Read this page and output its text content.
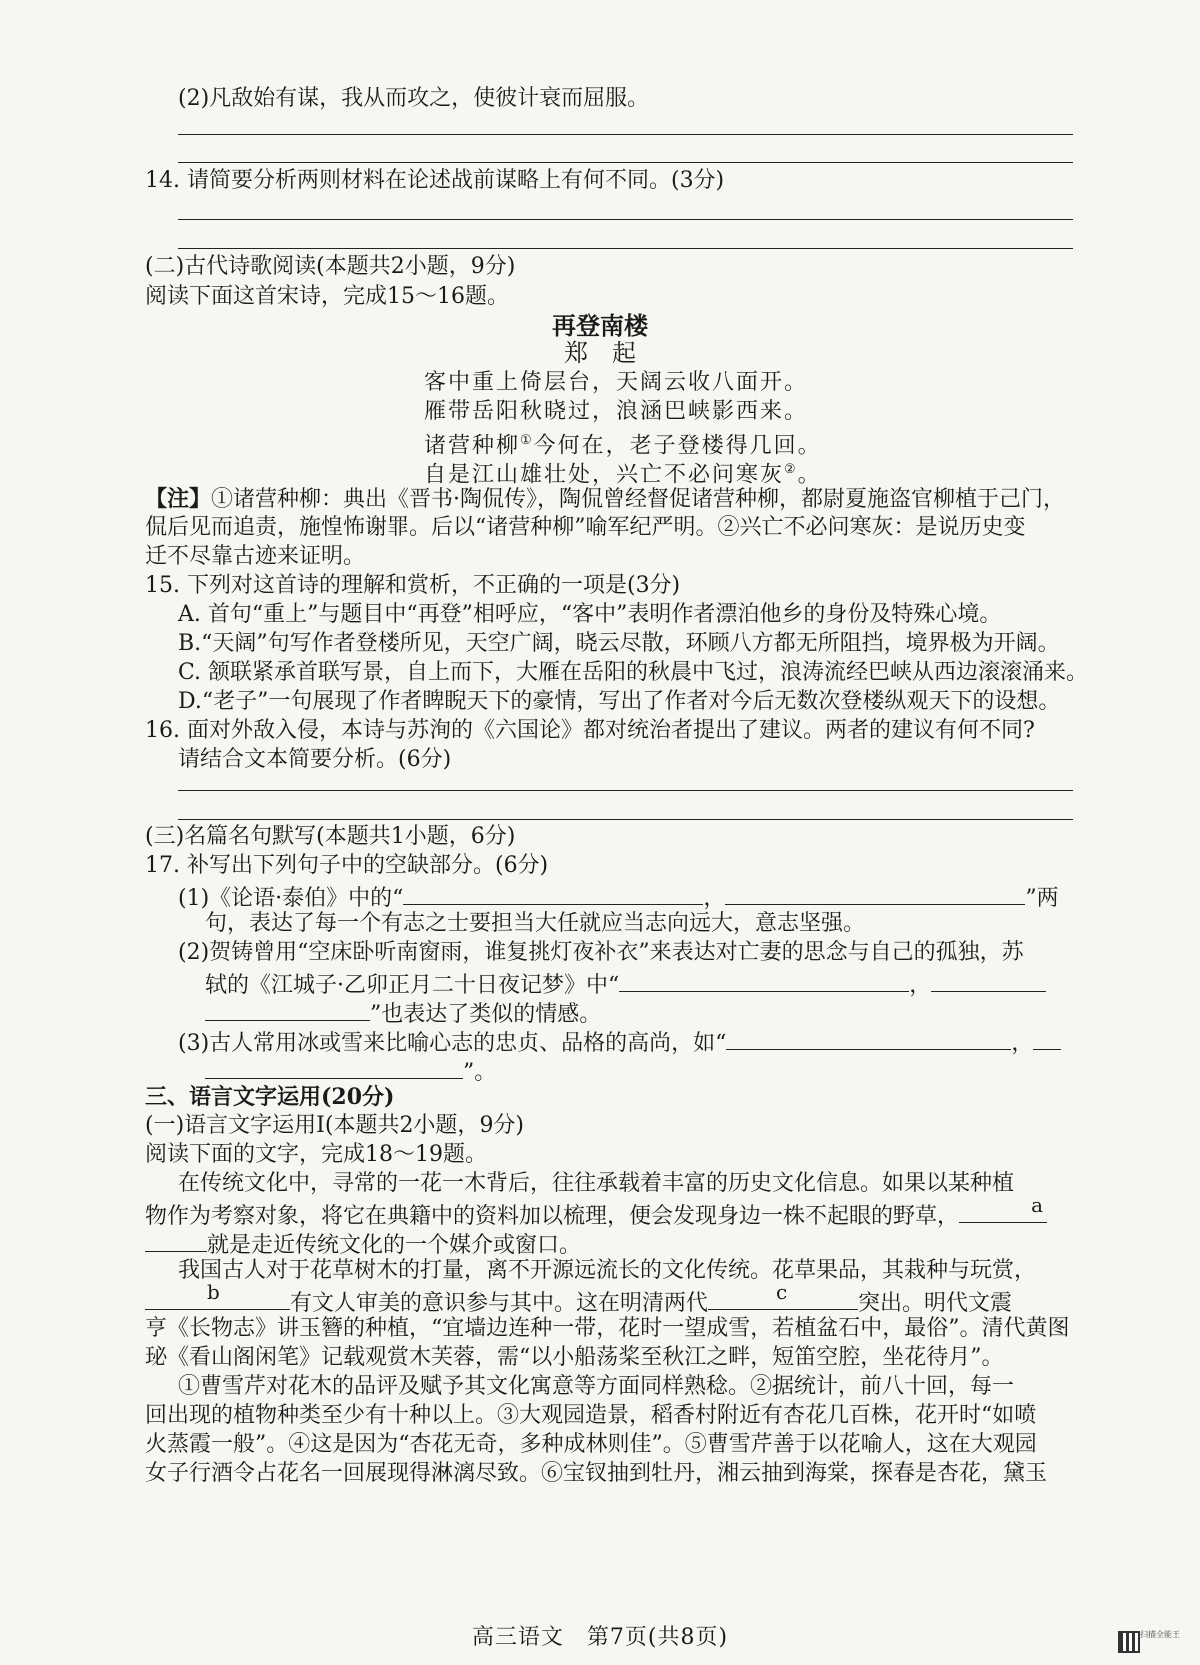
(2)凡敌始有谋，我从而攻之，使彼计衰而屈服。
14. 请简要分析两则材料在论述战前谋略上有何不同。(3分)
(二)古代诗歌阅读(本题共2小题，9分)
阅读下面这首宋诗，完成15～16题。
再登南楼
郑起
客中重上倚层台，天阔云收八面开。
雁带岳阳秋晓过，浪涵巴峡影西来。
诸营种柳①今何在，老子登楼得几回。
自是江山雄壮处，兴亡不必问寒灰②。
【注】①诸营种柳：典出《晋书·陶侃传》，陶侃曾经督促诸营种柳，都尉夏施盗官柳植于己门，
侃后见而追责，施惶怖谢罪。后以“诸营种柳”喻军纪严明。②兴亡不必问寒灰：是说历史变
迁不尽靠古迹来证明。
15. 下列对这首诗的理解和赏析，不正确的一项是(3分)
A. 首句“重上”与题目中“再登”相呼应，“客中”表明作者漂泊他乡的身份及特殊心境。
B.“天阔”句写作者登楼所见，天空广阔，晓云尽散，环顾八方都无所阻挡，境界极为开阔。
C. 颔联紧承首联写景，自上而下，大雁在岳阳的秋晨中飞过，浪涛流经巴峡从西边滚滚涌来。
D.“老子”一句展现了作者睥睨天下的豪情，写出了作者对今后无数次登楼纵观天下的设想。
16. 面对外敌入侵，本诗与苏洵的《六国论》都对统治者提出了建议。两者的建议有何不同?
请结合文本简要分析。(6分)
(三)名篇名句默写(本题共1小题，6分)
17. 补写出下列句子中的空缺部分。(6分)
(1)《论语·泰伯》中的“	，	”两
句，表达了每一个有志之士要担当大任就应当志向远大，意志坚强。
(2)贺铸曾用“空床卧听南窗雨，谁复挑灯夜补衣”来表达对亡妻的思念与自己的孤独，苏
轼的《江城子·乙卯正月二十日夜记梦》中“	，
”也表达了类似的情感。
(3)古人常用冰或雪来比喻心志的忠贞、品格的高尚，如“	，
”。
三、语言文字运用(20分)
(一)语言文字运用Ⅰ(本题共2小题，9分)
阅读下面的文字，完成18～19题。
在传统文化中，寻常的一花一木背后，往往承载着丰富的历史文化信息。如果以某种植
物作为考察对象，将它在典籍中的资料加以梳理，便会发现身边一株不起眼的野草，	a
就是走近传统文化的一个媒介或窗口。
我国古人对于花草树木的打量，离不开源远流长的文化传统。花草果品，其栽种与玩赏，
b	有文人审美的意识参与其中。这在明清两代	c	突出。明代文震
亨《长物志》讲玉簪的种植，“宜墙边连种一带，花时一望成雪，若植盆石中，最俗”。清代黄图
珌《看山阁闲笔》记载观赏木芙蓉，需“以小船荡桨至秋江之畔，短笛空腔，坐花待月”。
①曹雪芹对花木的品评及赋予其文化寓意等方面同样熟稔。②据统计，前八十回，每一
回出现的植物种类至少有十种以上。③大观园造景，稻香村附近有杏花几百株，花开时“如喷
火蒸霞一般”。④这是因为“杏花无奇，多种成林则佳”。⑤曹雪芹善于以花喻人，这在大观园
女子行酒令占花名一回展现得淋漓尽致。⑥宝钗抽到牡丹，湘云抽到海棠，探春是杏花，黛玉
高三语文　第7页(共8页)	扫描全能王
